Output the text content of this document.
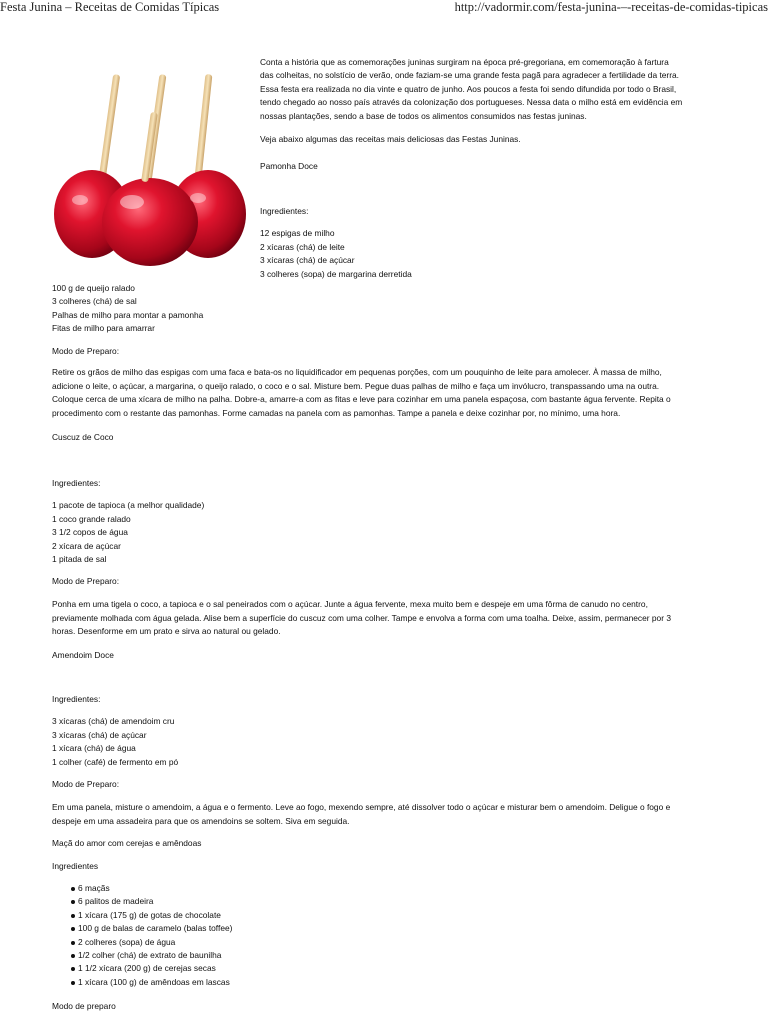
Festa Junina – Receitas de Comidas Típicas	http://vadormir.com/festa-junina-–-receitas-de-comidas-tipicas
Conta a história que as comemorações juninas surgiram na época pré-gregoriana, em comemoração à fartura
das colheitas, no solstício de verão, onde faziam-se uma grande festa pagã para agradecer a fertilidade da terra.
Essa festa era realizada no dia vinte e quatro de junho. Aos poucos a festa foi sendo difundida por todo o Brasil,
tendo chegado ao nosso país através da colonização dos portugueses. Nessa data o milho está em evidência em
nossas plantações, sendo a base de todos os alimentos consumidos nas festas juninas.
Veja abaixo algumas das receitas mais deliciosas das Festas Juninas.
Pamonha Doce
Ingredientes:
12 espigas de milho
2 xícaras (chá) de leite
3 xícaras (chá) de açúcar
3 colheres (sopa) de margarina derretida
100 g de queijo ralado
3 colheres (chá) de sal
Palhas de milho para montar a pamonha
Fitas de milho para amarrar
Modo de Preparo:
Retire os grãos de milho das espigas com uma faca e bata-os no liquidificador em pequenas porções, com um pouquinho de leite para amolecer. À massa de milho,
adicione o leite, o açúcar, a margarina, o queijo ralado, o coco e o sal. Misture bem. Pegue duas palhas de milho e faça um invólucro, transpassando uma na outra.
Coloque cerca de uma xícara de milho na palha. Dobre-a, amarre-a com as fitas e leve para cozinhar em uma panela espaçosa, com bastante água fervente. Repita o
procedimento com o restante das pamonhas. Forme camadas na panela com as pamonhas. Tampe a panela e deixe cozinhar por, no mínimo, uma hora.
Cuscuz de Coco
Ingredientes:
1 pacote de tapioca (a melhor qualidade)
1 coco grande ralado
3 1/2 copos de água
2 xícara de açúcar
1 pitada de sal
Modo de Preparo:
Ponha em uma tigela o coco, a tapioca e o sal peneirados com o açúcar. Junte a água fervente, mexa muito bem e despeje em uma fôrma de canudo no centro,
previamente molhada com água gelada. Alise bem a superfície do cuscuz com uma colher. Tampe e envolva a forma com uma toalha. Deixe, assim, permanecer por 3
horas. Desenforme em um prato e sirva ao natural ou gelado.
Amendoim Doce
Ingredientes:
3 xícaras (chá) de amendoim cru
3 xícaras (chá) de açúcar
1 xícara (chá) de água
1 colher (café) de fermento em pó
Modo de Preparo:
Em uma panela, misture o amendoim, a água e o fermento. Leve ao fogo, mexendo sempre, até dissolver todo o açúcar e misturar bem o amendoim. Deligue o fogo e
despeje em uma assadeira para que os amendoins se soltem. Siva em seguida.
Maçã do amor com cerejas e amêndoas
Ingredientes
Modo de preparo
6 maçãs
6 palitos de madeira
1 xícara (175 g) de gotas de chocolate
100 g de balas de caramelo (balas toffee)
2 colheres (sopa) de água
1/2 colher (chá) de extrato de baunilha
1 1/2 xícara (200 g) de cerejas secas
1 xícara (100 g) de amêndoas em lascas
